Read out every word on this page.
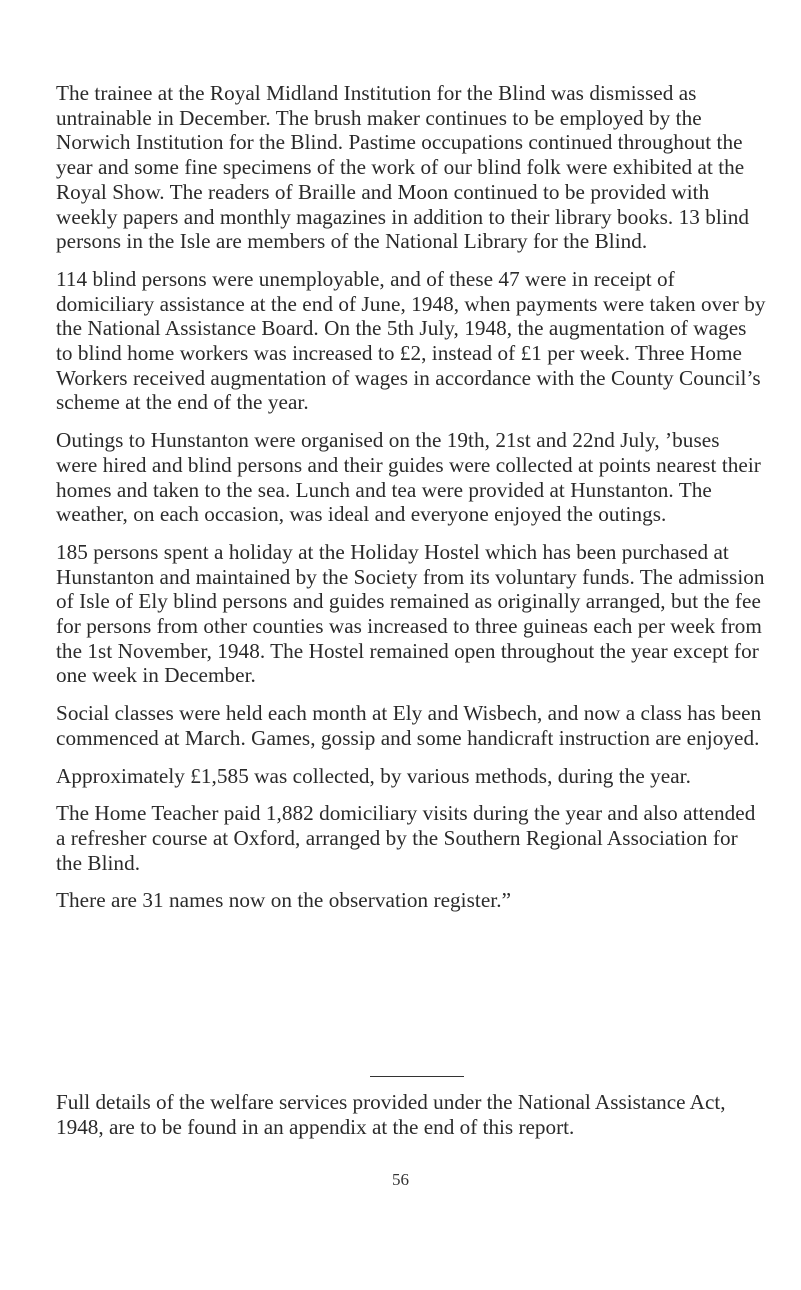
The trainee at the Royal Midland Institution for the Blind was dismissed as untrainable in December. The brush maker continues to be employed by the Norwich Institution for the Blind. Pastime occupations continued throughout the year and some fine specimens of the work of our blind folk were exhibited at the Royal Show. The readers of Braille and Moon continued to be provided with weekly papers and monthly magazines in addition to their library books. 13 blind persons in the Isle are members of the National Library for the Blind.

114 blind persons were unemployable, and of these 47 were in receipt of domiciliary assistance at the end of June, 1948, when payments were taken over by the National Assistance Board. On the 5th July, 1948, the augmentation of wages to blind home workers was increased to £2, instead of £1 per week. Three Home Workers received augmentation of wages in accordance with the County Council’s scheme at the end of the year.

Outings to Hunstanton were organised on the 19th, 21st and 22nd July, ’buses were hired and blind persons and their guides were collected at points nearest their homes and taken to the sea. Lunch and tea were provided at Hunstanton. The weather, on each occasion, was ideal and everyone enjoyed the outings.

185 persons spent a holiday at the Holiday Hostel which has been purchased at Hunstanton and maintained by the Society from its voluntary funds. The admission of Isle of Ely blind persons and guides remained as originally arranged, but the fee for persons from other counties was increased to three guineas each per week from the 1st November, 1948. The Hostel remained open throughout the year except for one week in December.

Social classes were held each month at Ely and Wisbech, and now a class has been commenced at March. Games, gossip and some handicraft instruction are enjoyed.

Approximately £1,585 was collected, by various methods, during the year.

The Home Teacher paid 1,882 domiciliary visits during the year and also attended a refresher course at Oxford, arranged by the Southern Regional Association for the Blind.

There are 31 names now on the observation register.”

Full details of the welfare services provided under the National Assistance Act, 1948, are to be found in an appendix at the end of this report.

56
